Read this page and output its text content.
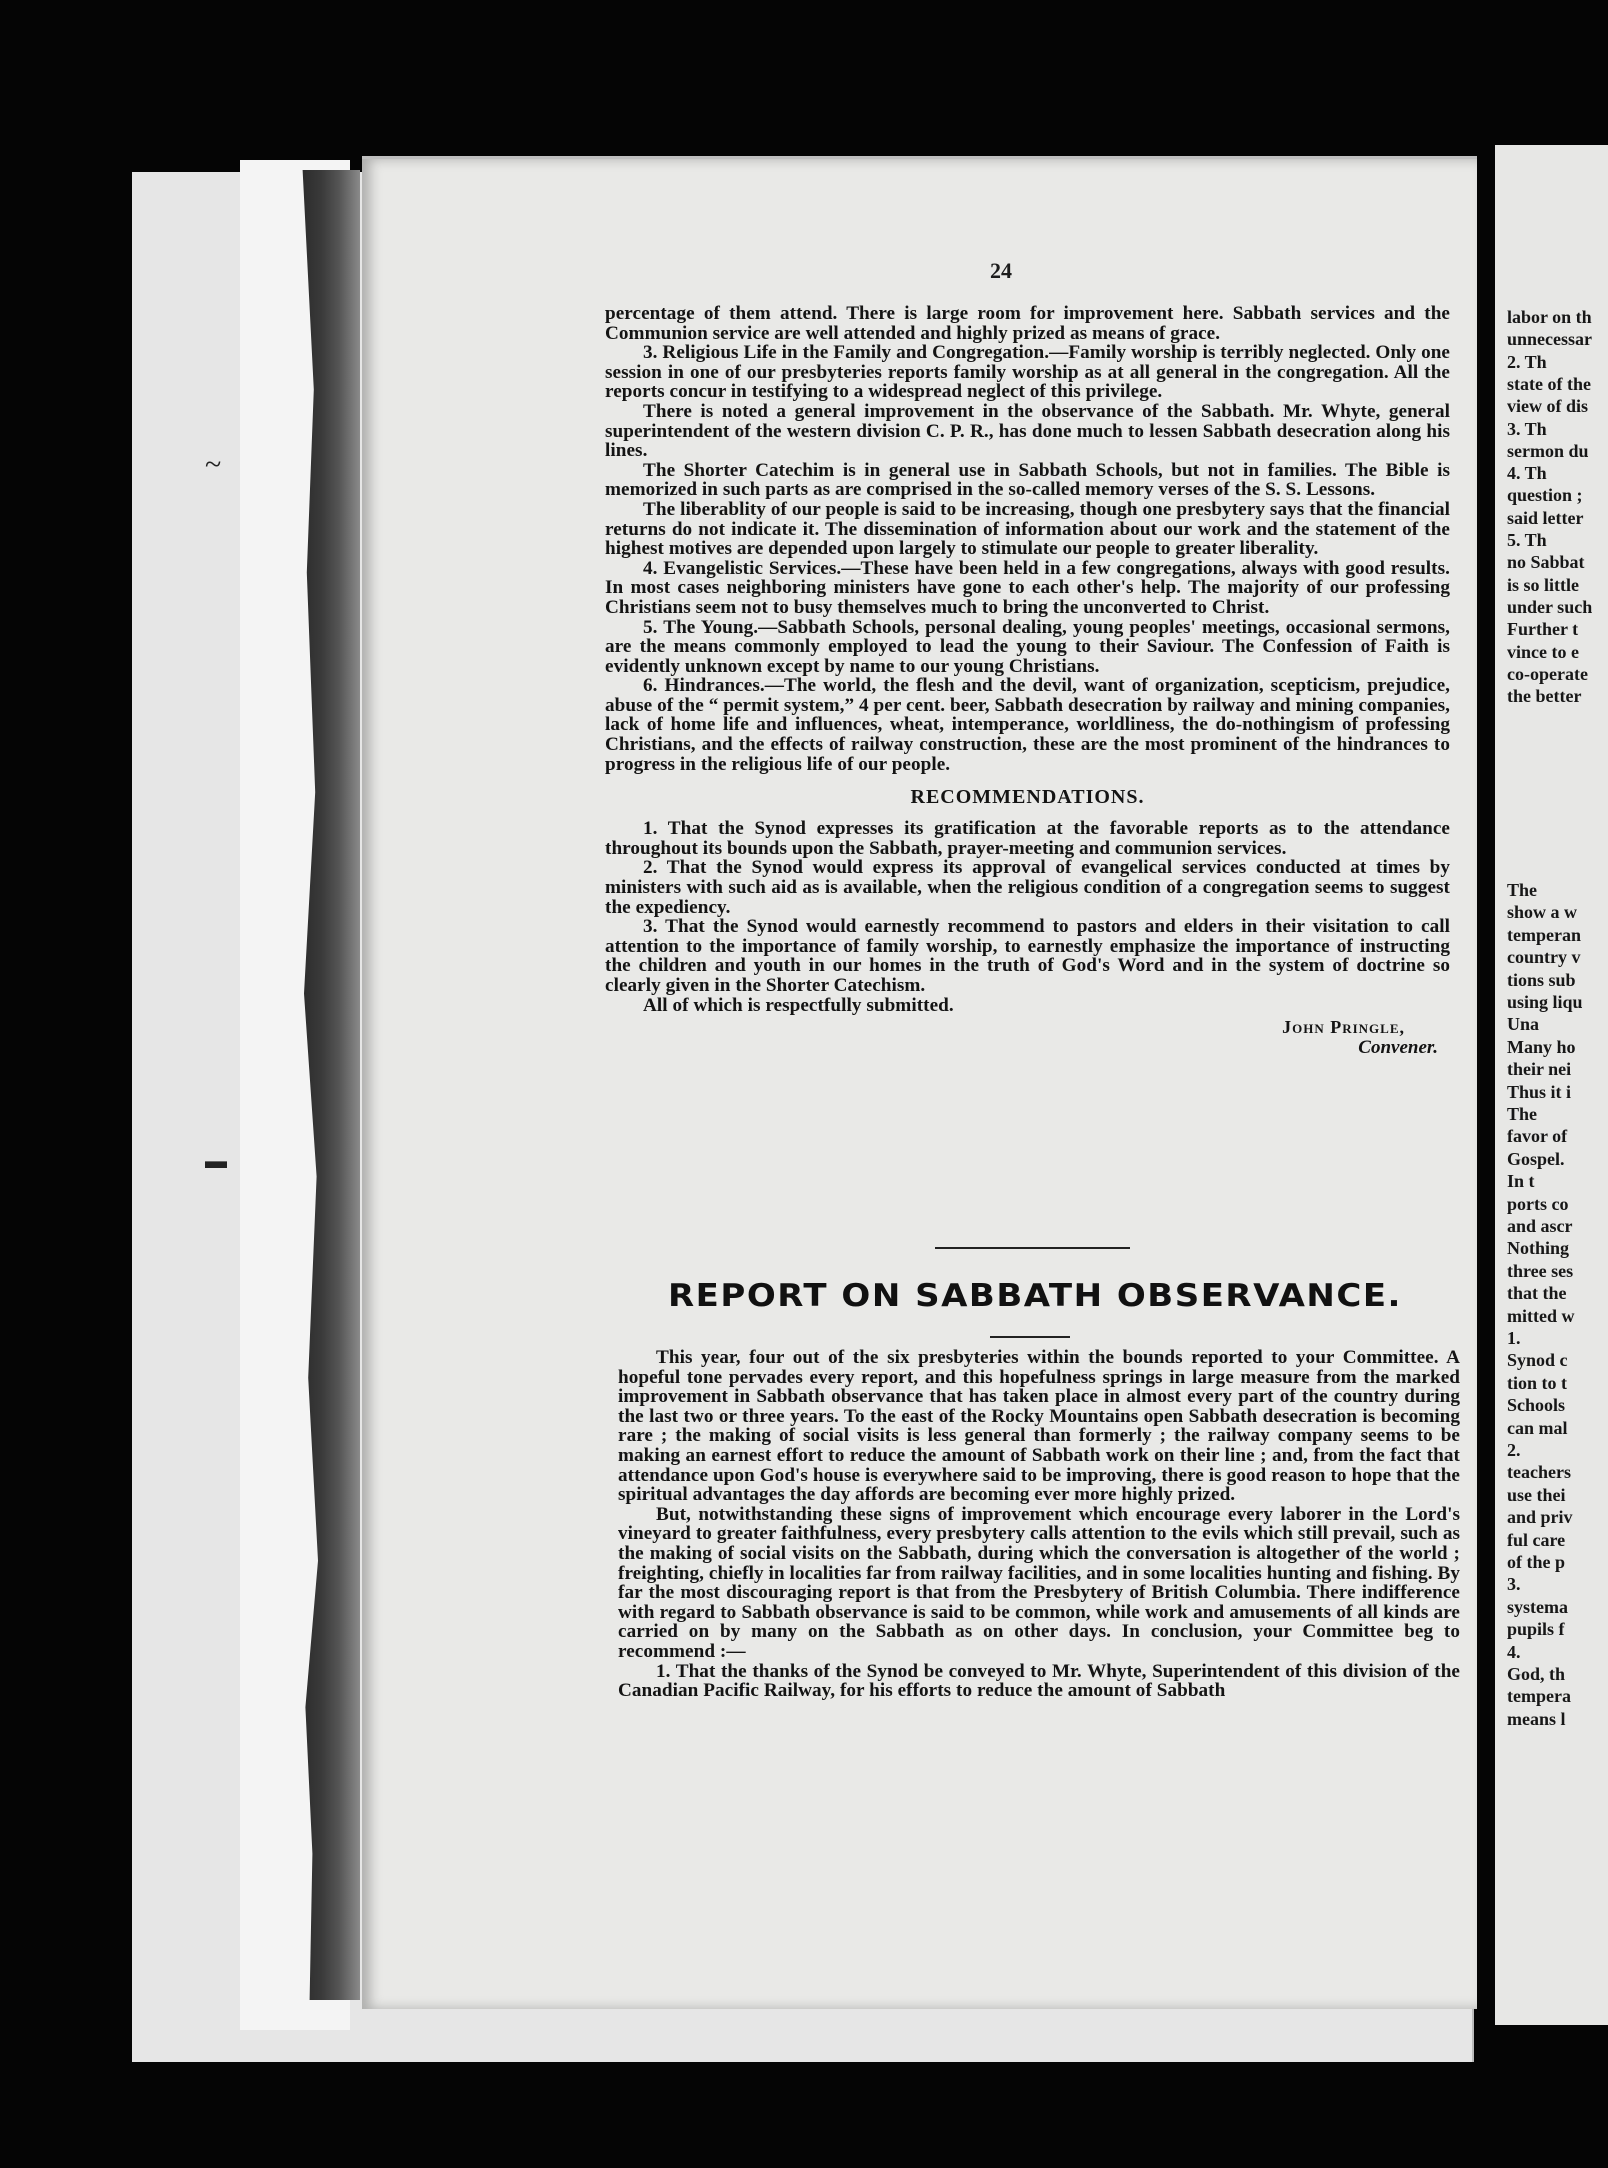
~
▬
labor on th
unnecessar
2. Th
state of the
view of dis
3. Th
sermon du
4. Th
question ;
said letter
5. Th
no Sabbat
is so little
under such
Further t
vince to e
co-operate
the better
The
show a w
temperan
country v
tions sub
using liqu
Una
Many ho
their nei
Thus it i
The
favor of
Gospel.
In t
ports co
and ascr
Nothing
three ses
that the
mitted w
1.
Synod c
tion to t
Schools
can mal
2.
teachers
use thei
and priv
ful care
of the p
3.
systema
pupils f
4.
God, th
tempera
means l
24

percentage of them attend. There is large room for improvement here. Sabbath services and the Communion service are well attended and highly prized as means of grace.

3. Religious Life in the Family and Congregation.—Family worship is terribly neglected. Only one session in one of our presbyteries reports family worship as at all general in the congregation. All the reports concur in testifying to a widespread neglect of this privilege.

There is noted a general improvement in the observance of the Sabbath. Mr. Whyte, general superintendent of the western division C. P. R., has done much to lessen Sabbath desecration along his lines.

The Shorter Catechim is in general use in Sabbath Schools, but not in families. The Bible is memorized in such parts as are comprised in the so-called memory verses of the S. S. Lessons.

The liberablity of our people is said to be increasing, though one presbytery says that the financial returns do not indicate it. The dissemination of information about our work and the statement of the highest motives are depended upon largely to stimulate our people to greater liberality.

4. Evangelistic Services.—These have been held in a few congregations, always with good results. In most cases neighboring ministers have gone to each other's help. The majority of our professing Christians seem not to busy themselves much to bring the unconverted to Christ.

5. The Young.—Sabbath Schools, personal dealing, young peoples' meetings, occasional sermons, are the means commonly employed to lead the young to their Saviour. The Confession of Faith is evidently unknown except by name to our young Christians.

6. Hindrances.—The world, the flesh and the devil, want of organization, scepticism, prejudice, abuse of the “ permit system,” 4 per cent. beer, Sabbath desecration by railway and mining companies, lack of home life and influences, wheat, intemperance, worldliness, the do-nothingism of professing Christians, and the effects of railway construction, these are the most prominent of the hindrances to progress in the religious life of our people.

RECOMMENDATIONS.

1. That the Synod expresses its gratification at the favorable reports as to the attendance throughout its bounds upon the Sabbath, prayer-meeting and communion services.

2. That the Synod would express its approval of evangelical services conducted at times by ministers with such aid as is available, when the religious condition of a congregation seems to suggest the expediency.

3. That the Synod would earnestly recommend to pastors and elders in their visitation to call attention to the importance of family worship, to earnestly emphasize the importance of instructing the children and youth in our homes in the truth of God's Word and in the system of doctrine so clearly given in the Shorter Catechism.

All of which is respectfully submitted.

John Pringle,
Convener.
REPORT ON SABBATH OBSERVANCE.

This year, four out of the six presbyteries within the bounds reported to your Committee. A hopeful tone pervades every report, and this hopefulness springs in large measure from the marked improvement in Sabbath observance that has taken place in almost every part of the country during the last two or three years. To the east of the Rocky Mountains open Sabbath desecration is becoming rare ; the making of social visits is less general than formerly ; the railway company seems to be making an earnest effort to reduce the amount of Sabbath work on their line ; and, from the fact that attendance upon God's house is everywhere said to be improving, there is good reason to hope that the spiritual advantages the day affords are becoming ever more highly prized.

But, notwithstanding these signs of improvement which encourage every laborer in the Lord's vineyard to greater faithfulness, every presbytery calls attention to the evils which still prevail, such as the making of social visits on the Sabbath, during which the conversation is altogether of the world ; freighting, chiefly in localities far from railway facilities, and in some localities hunting and fishing. By far the most discouraging report is that from the Presbytery of British Columbia. There indifference with regard to Sabbath observance is said to be common, while work and amusements of all kinds are carried on by many on the Sabbath as on other days. In conclusion, your Committee beg to recommend :—

1. That the thanks of the Synod be conveyed to Mr. Whyte, Superintendent of this division of the Canadian Pacific Railway, for his efforts to reduce the amount of Sabbath
